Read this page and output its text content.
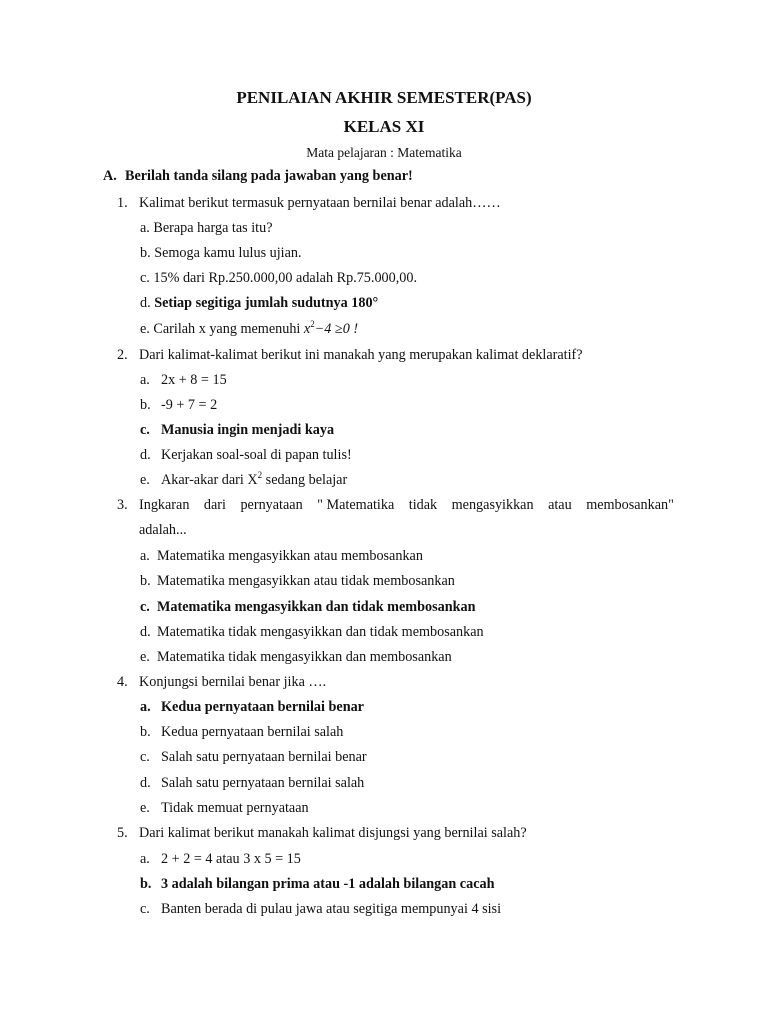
PENILAIAN AKHIR SEMESTER(PAS)
KELAS XI
Mata pelajaran : Matematika
A. Berilah tanda silang pada jawaban yang benar!
1. Kalimat berikut termasuk pernyataan bernilai benar adalah……
a. Berapa harga tas itu?
b. Semoga kamu lulus ujian.
c. 15% dari Rp.250.000,00 adalah Rp.75.000,00.
d. Setiap segitiga jumlah sudutnya 180°
e. Carilah x yang memenuhi $x^2-4 \ge 0$ !
2. Dari kalimat-kalimat berikut ini manakah yang merupakan kalimat deklaratif?
a. 2x + 8 = 15
b. -9 + 7 = 2
c. Manusia ingin menjadi kaya
d. Kerjakan soal-soal di papan tulis!
e. Akar-akar dari $X^2$ sedang belajar
3. Ingkaran dari pernyataan " Matematika tidak mengasyikkan atau membosankan"
adalah...
a. Matematika mengasyikkan atau membosankan
b. Matematika mengasyikkan atau tidak membosankan
c. Matematika mengasyikkan dan tidak membosankan
d. Matematika tidak mengasyikkan dan tidak membosankan
e. Matematika tidak mengasyikkan dan membosankan
4. Konjungsi bernilai benar jika ….
a. Kedua pernyataan bernilai benar
b. Kedua pernyataan bernilai salah
c. Salah satu pernyataan bernilai benar
d. Salah satu pernyataan bernilai salah
e. Tidak memuat pernyataan
5. Dari kalimat berikut manakah kalimat disjungsi yang bernilai salah?
a. 2 + 2 = 4 atau 3 x 5 = 15
b. 3 adalah bilangan prima atau -1 adalah bilangan cacah
c. Banten berada di pulau jawa atau segitiga mempunyai 4 sisi
